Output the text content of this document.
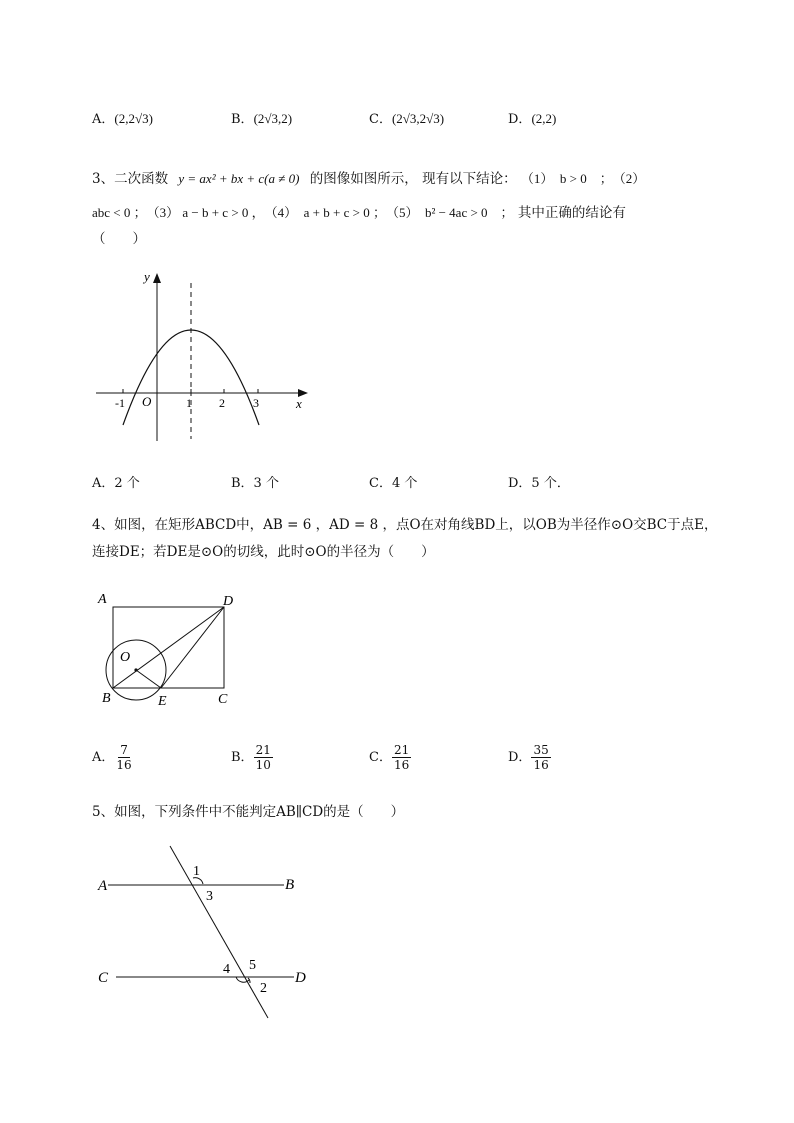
A．(2,2√3)	B．(2√3,2)	C．(2√3,2√3)	D．(2,2)
3、二次函数 y = ax² + bx + c(a ≠ 0) 的图像如图所示， 现有以下结论： （1）　b > 0　；　（2）
abc < 0 ；　（3） a − b + c > 0 ，　（4）　a + b + c > 0 ；　（5）　b² − 4ac > 0　； 其中正确的结论有
（　　）
y
x
O
-1	1 2 3
A．2 个	B．3 个	C．4 个	D．5 个．
4、如图，在矩形ABCD中，AB = 6 ，AD = 8 ，点O在对角线BD上，以OB为半径作⊙O交BC于点E，
连接DE；若DE是⊙O的切线，此时⊙O的半径为（　　）
A	D
B	C
E
O
A． $\frac{7}{16}$	B． $\frac{21}{10}$	C． $\frac{21}{16}$	D． $\frac{35}{16}$
5、如图，下列条件中不能判定AB∥CD的是（　　）
A	B
C	D
1
3
4 5
2
